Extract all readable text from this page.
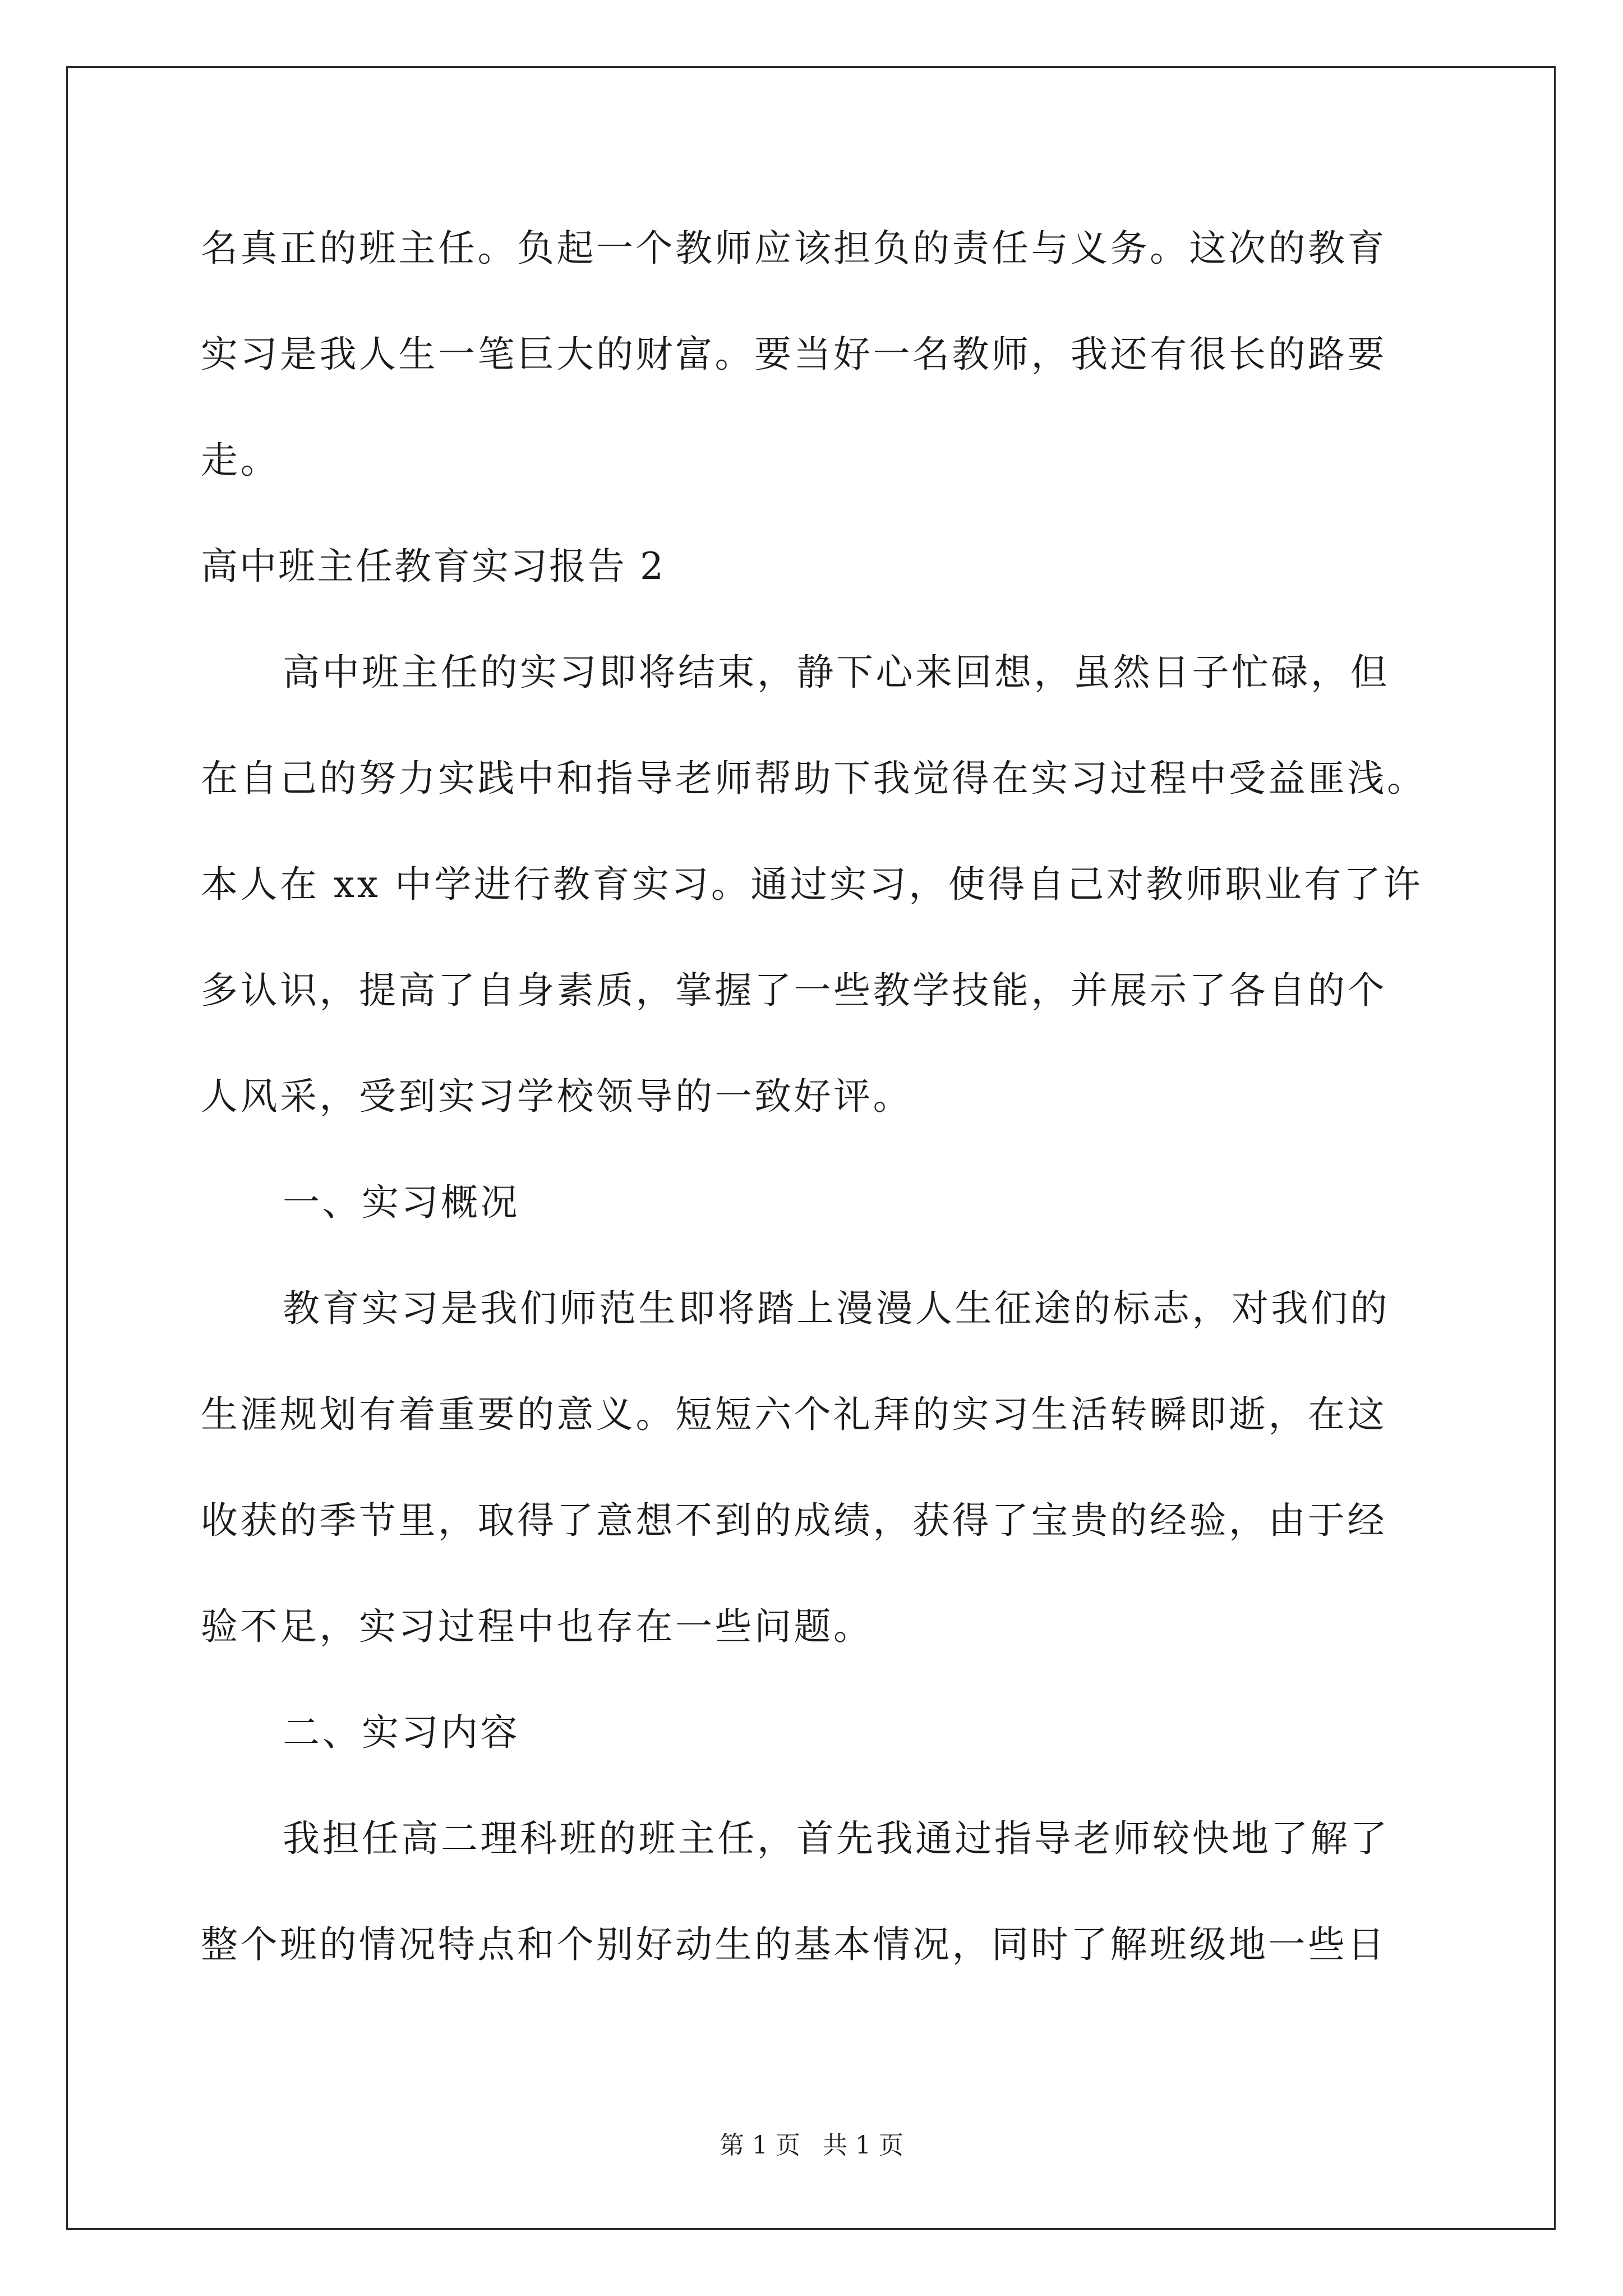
名真正的班主任。负起一个教师应该担负的责任与义务。这次的教育
实习是我人生一笔巨大的财富。要当好一名教师，我还有很长的路要
走。
高中班主任教育实习报告 2
高中班主任的实习即将结束，静下心来回想，虽然日子忙碌，但
在自己的努力实践中和指导老师帮助下我觉得在实习过程中受益匪浅。
本人在 xx 中学进行教育实习。通过实习，使得自己对教师职业有了许
多认识，提高了自身素质，掌握了一些教学技能，并展示了各自的个
人风采，受到实习学校领导的一致好评。
一、实习概况
教育实习是我们师范生即将踏上漫漫人生征途的标志，对我们的
生涯规划有着重要的意义。短短六个礼拜的实习生活转瞬即逝，在这
收获的季节里，取得了意想不到的成绩，获得了宝贵的经验，由于经
验不足，实习过程中也存在一些问题。
二、实习内容
我担任高二理科班的班主任，首先我通过指导老师较快地了解了
整个班的情况特点和个别好动生的基本情况，同时了解班级地一些日
第 1 页 共 1 页
